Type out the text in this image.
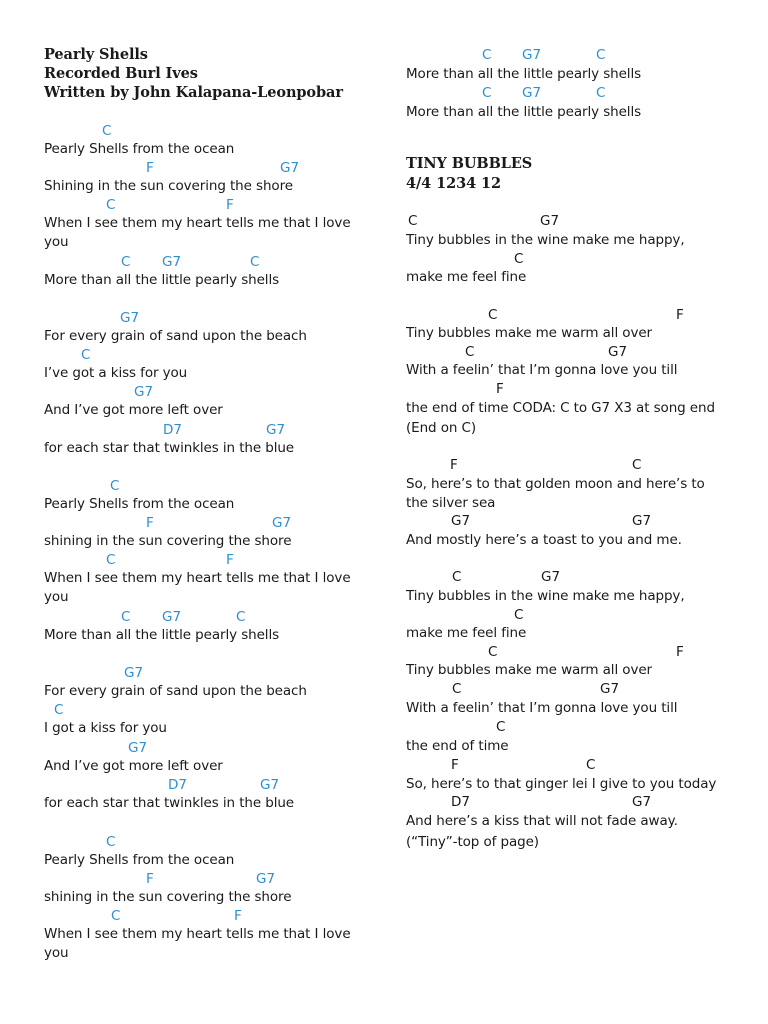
Pearly Shells
Recorded Burl Ives
Written by John Kalapana-Leonpobar
C
Pearly Shells from the ocean
F	G7
Shining in the sun covering the shore
C	F
When I see them my heart tells me that I love
you
C G7	C
More than all the little pearly shells
G7
For every grain of sand upon the beach
C
I’ve got a kiss for you
G7
And I’ve got more left over
D7	G7
for each star that twinkles in the blue
C
Pearly Shells from the ocean
F	G7
shining in the sun covering the shore
C	F
When I see them my heart tells me that I love
you
C G7	C
More than all the little pearly shells
G7
For every grain of sand upon the beach
C
I got a kiss for you
G7
And I’ve got more left over
D7	G7
for each star that twinkles in the blue
C
Pearly Shells from the ocean
F	G7
shining in the sun covering the shore
C	F
When I see them my heart tells me that I love
you
C G7	C
More than all the little pearly shells
C G7	C
More than all the little pearly shells
TINY BUBBLES
4/4 1234 12
C	G7
Tiny bubbles in the wine make me happy,
C
make me feel fine
C	F
Tiny bubbles make me warm all over
C	G7
With a feelin’ that I’m gonna love you till
F
the end of time CODA: C to G7 X3 at song end
(End on C)
F	C
So, here’s to that golden moon and here’s to
the silver sea
G7	G7
And mostly here’s a toast to you and me.
C	G7
Tiny bubbles in the wine make me happy,
C
make me feel fine
C	F
Tiny bubbles make me warm all over
C	G7
With a feelin’ that I’m gonna love you till
C
the end of time
F	C
So, here’s to that ginger lei I give to you today
D7	G7
And here’s a kiss that will not fade away.
(“Tiny”-top of page)
